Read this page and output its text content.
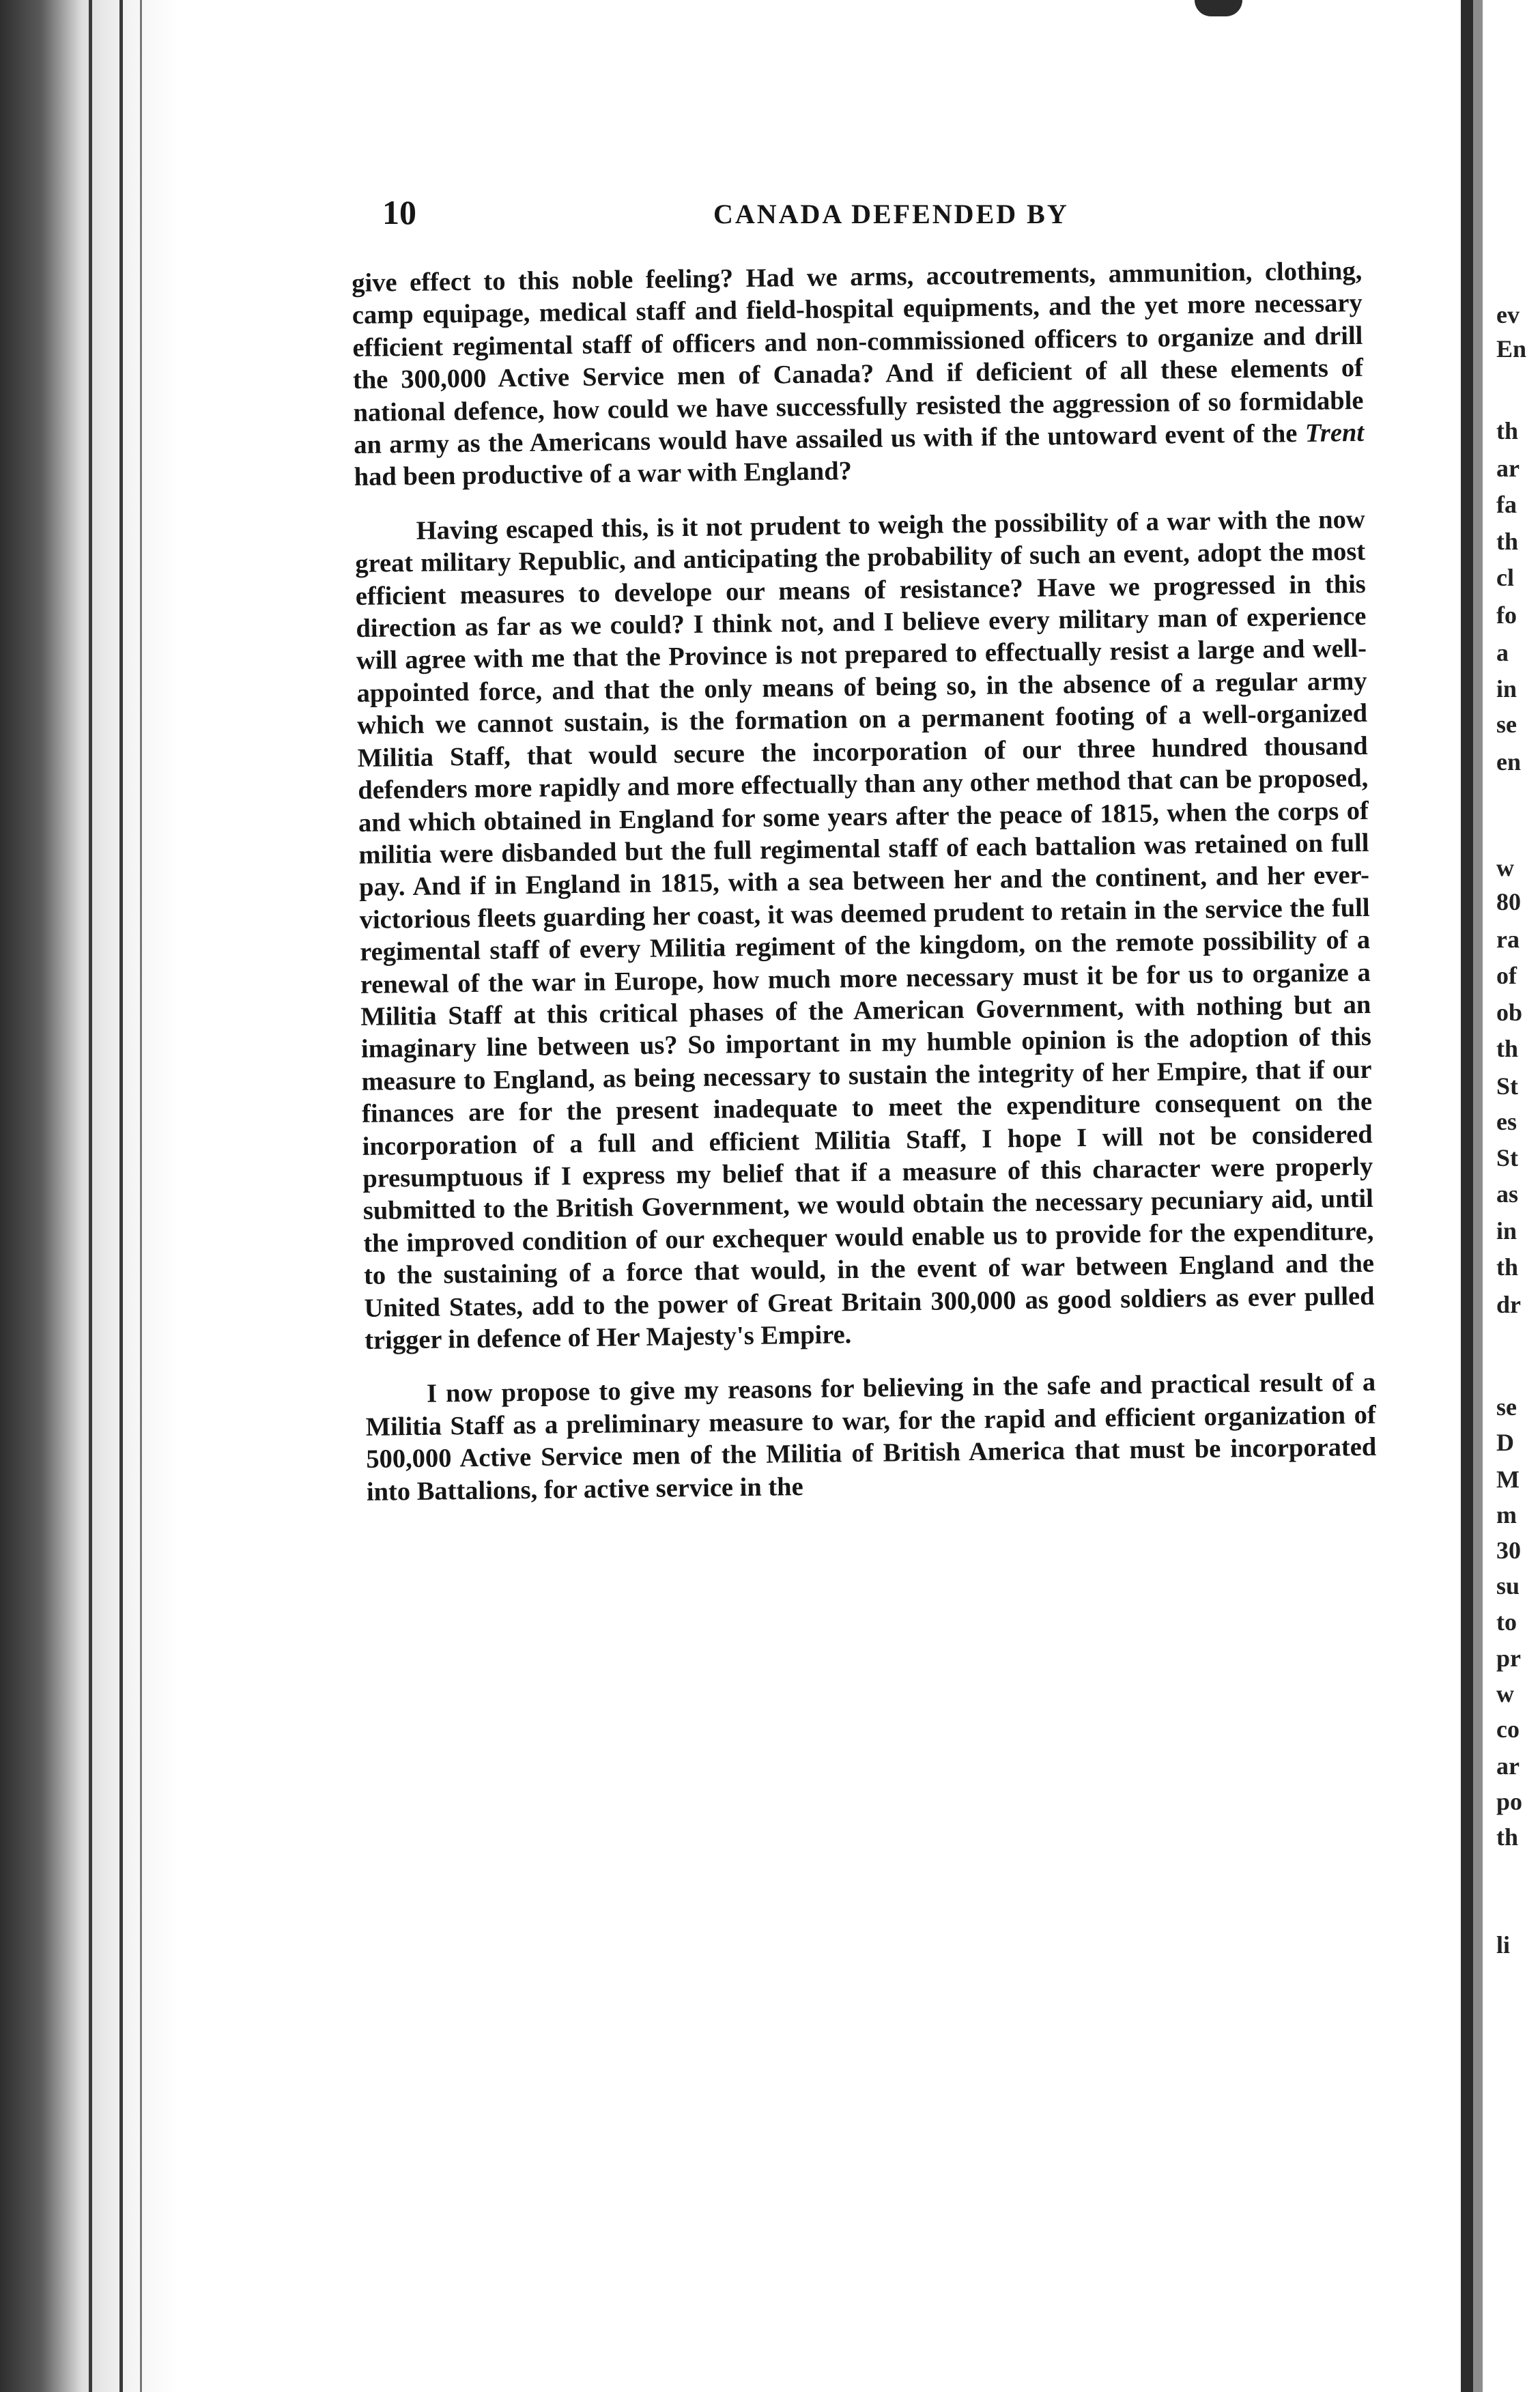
10	CANADA DEFENDED BY

give effect to this noble feeling? Had we arms, accoutrements, ammunition, clothing, camp equipage, medical staff and field-hospital equipments, and the yet more necessary efficient regimental staff of officers and non-commissioned officers to organize and drill the 300,000 Active Service men of Canada? And if deficient of all these elements of national defence, how could we have successfully resisted the aggression of so formidable an army as the Americans would have assailed us with if the untoward event of the Trent had been productive of a war with England?

Having escaped this, is it not prudent to weigh the possibility of a war with the now great military Republic, and anticipating the probability of such an event, adopt the most efficient measures to develope our means of resistance? Have we progressed in this direction as far as we could? I think not, and I believe every military man of experience will agree with me that the Province is not prepared to effectually resist a large and well-appointed force, and that the only means of being so, in the absence of a regular army which we cannot sustain, is the formation on a permanent footing of a well-organized Militia Staff, that would secure the incorporation of our three hundred thousand defenders more rapidly and more effectually than any other method that can be proposed, and which obtained in England for some years after the peace of 1815, when the corps of militia were disbanded but the full regimental staff of each battalion was retained on full pay. And if in England in 1815, with a sea between her and the continent, and her ever-victorious fleets guarding her coast, it was deemed prudent to retain in the service the full regimental staff of every Militia regiment of the kingdom, on the remote possibility of a renewal of the war in Europe, how much more necessary must it be for us to organize a Militia Staff at this critical phases of the American Government, with nothing but an imaginary line between us? So important in my humble opinion is the adoption of this measure to England, as being necessary to sustain the integrity of her Empire, that if our finances are for the present inadequate to meet the expenditure consequent on the incorporation of a full and efficient Militia Staff, I hope I will not be considered presumptuous if I express my belief that if a measure of this character were properly submitted to the British Government, we would obtain the necessary pecuniary aid, until the improved condition of our exchequer would enable us to provide for the expenditure, to the sustaining of a force that would, in the event of war between England and the United States, add to the power of Great Britain 300,000 as good soldiers as ever pulled trigger in defence of Her Majesty's Empire.

I now propose to give my reasons for believing in the safe and practical result of a Militia Staff as a preliminary measure to war, for the rapid and efficient organization of 500,000 Active Service men of the Militia of British America that must be incorporated into Battalions, for active service in the

ev
En
th
ar
fa
th
cl
fo
a
in
se
en
w
80
ra
of
ob
th
St
es
St
as
in
th
dr
se
D
M
m
30
su
to
pr
w
co
ar
po
th
li
